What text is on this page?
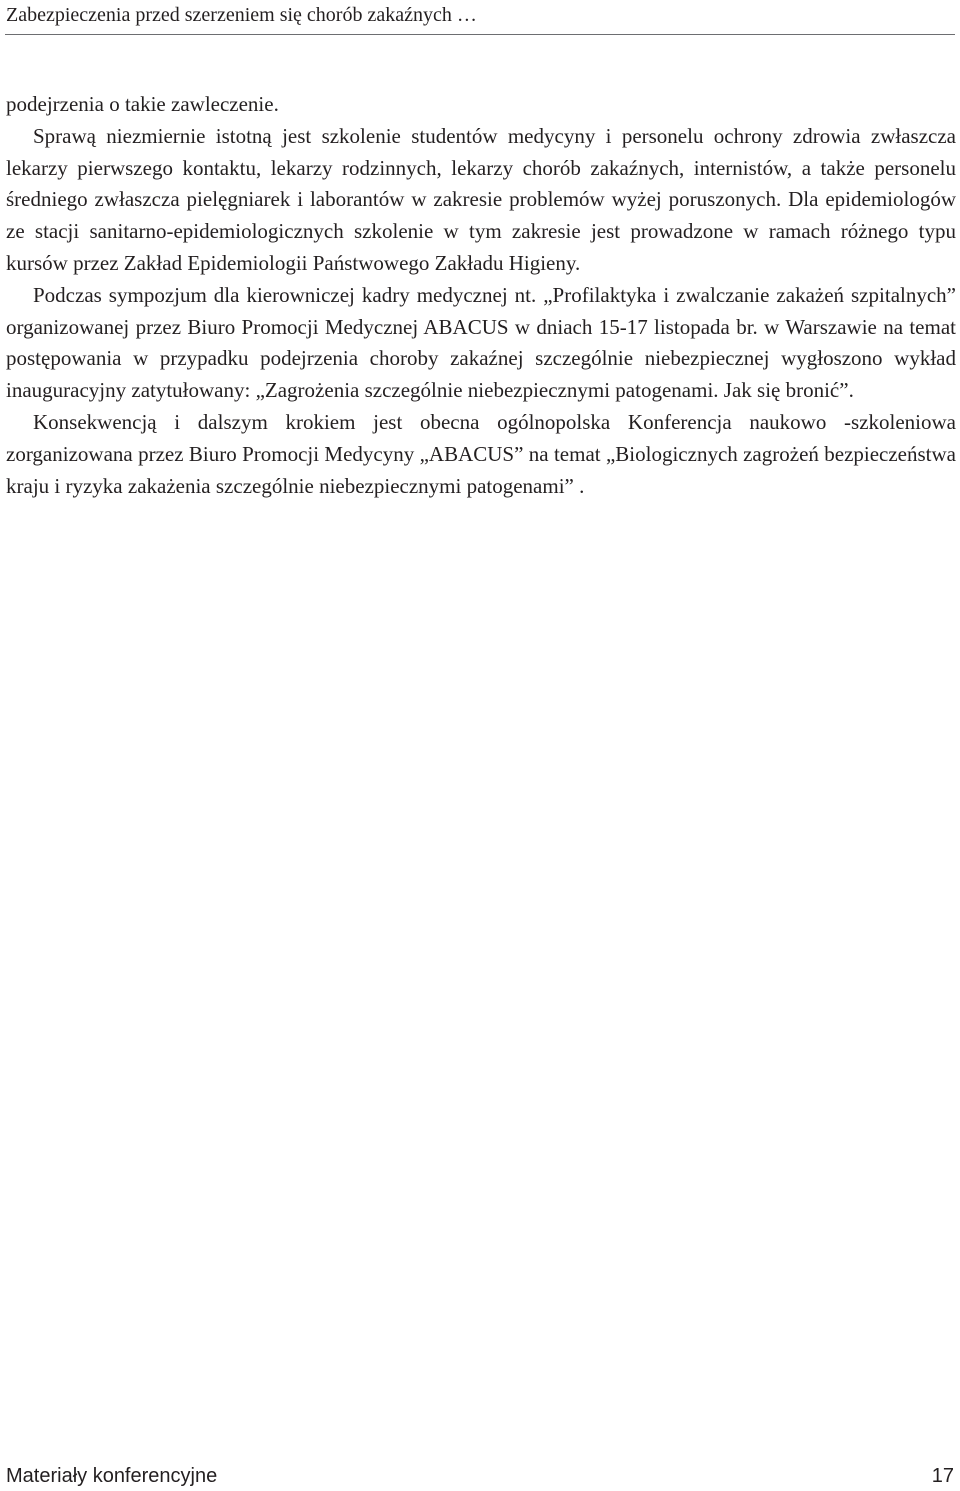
Zabezpieczenia przed szerzeniem się chorób zakaźnych …

podejrzenia o takie zawleczenie.

Sprawą niezmiernie istotną jest szkolenie studentów medycyny i personelu ochrony zdrowia zwłaszcza lekarzy pierwszego kontaktu, lekarzy rodzinnych, lekarzy chorób zakaźnych, internistów, a także personelu średniego zwłaszcza pielęgniarek i laborantów w zakresie problemów wyżej poruszonych. Dla epidemiologów ze stacji sanitarno-epidemiologicznych szkolenie w tym zakresie jest prowadzone w ramach różnego typu kursów przez Zakład Epidemiologii Państwowego Zakładu Higieny.

Podczas sympozjum dla kierowniczej kadry medycznej nt. „Profilaktyka i zwalczanie zakażeń szpitalnych” organizowanej przez Biuro Promocji Medycznej ABACUS w dniach 15-17 listopada br. w Warszawie na temat postępowania w przypadku podejrzenia choroby zakaźnej szczególnie niebezpiecznej wygłoszono wykład inauguracyjny zatytułowany: „Zagrożenia szczególnie niebezpiecznymi patogenami. Jak się bronić”.

Konsekwencją i dalszym krokiem jest obecna ogólnopolska Konferencja naukowo -szkoleniowa zorganizowana przez Biuro Promocji Medycyny „ABACUS” na temat „Biologicznych zagrożeń bezpieczeństwa kraju i ryzyka zakażenia szczególnie niebezpiecznymi patogenami” .

Materiały konferencyjne	17
